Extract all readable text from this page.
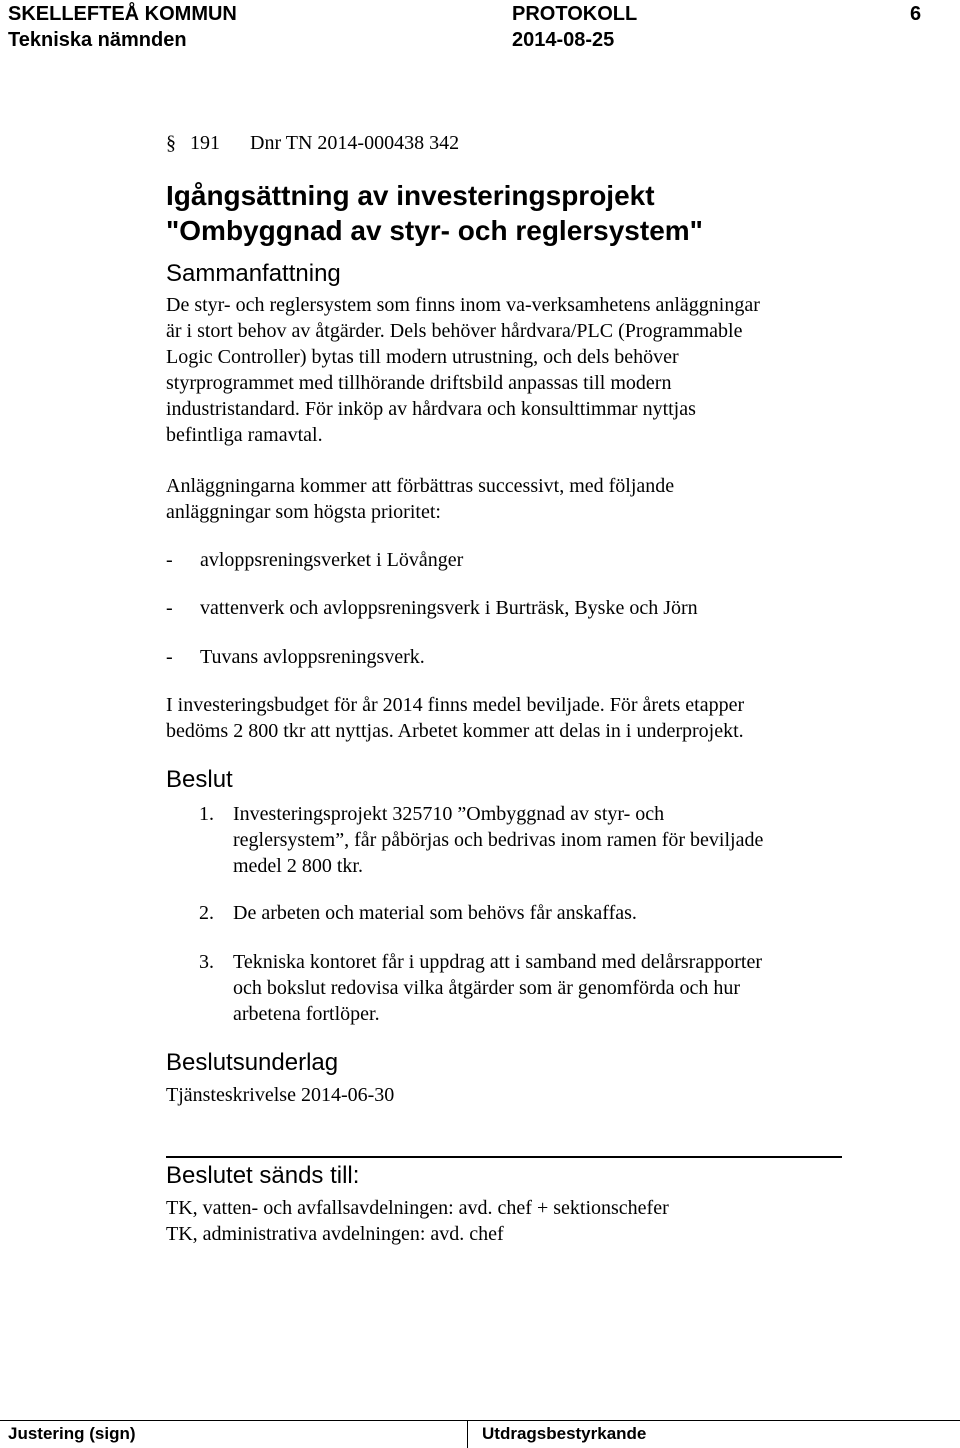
SKELLEFTEÅ KOMMUN	PROTOKOLL	6
Tekniska nämnden	2014-08-25
§ 191 Dnr TN 2014-000438 342
Igångsättning av investeringsprojekt
"Ombyggnad av styr- och reglersystem"
Sammanfattning
De styr- och reglersystem som finns inom va-verksamhetens anläggningar
är i stort behov av åtgärder. Dels behöver hårdvara/PLC (Programmable
Logic Controller) bytas till modern utrustning, och dels behöver
styrprogrammet med tillhörande driftsbild anpassas till modern
industristandard. För inköp av hårdvara och konsulttimmar nyttjas
befintliga ramavtal.
Anläggningarna kommer att förbättras successivt, med följande
anläggningar som högsta prioritet:
- avloppsreningsverket i Lövånger
- vattenverk och avloppsreningsverk i Burträsk, Byske och Jörn
- Tuvans avloppsreningsverk.
I investeringsbudget för år 2014 finns medel beviljade. För årets etapper
bedöms 2 800 tkr att nyttjas. Arbetet kommer att delas in i underprojekt.
Beslut
1. Investeringsprojekt 325710 ”Ombyggnad av styr- och
reglersystem”, får påbörjas och bedrivas inom ramen för beviljade
medel 2 800 tkr.
2. De arbeten och material som behövs får anskaffas.
3. Tekniska kontoret får i uppdrag att i samband med delårsrapporter
och bokslut redovisa vilka åtgärder som är genomförda och hur
arbetena fortlöper.
Beslutsunderlag
Tjänsteskrivelse 2014-06-30
Beslutet sänds till:
TK, vatten- och avfallsavdelningen: avd. chef + sektionschefer
TK, administrativa avdelningen: avd. chef
Justering (sign)	Utdragsbestyrkande
